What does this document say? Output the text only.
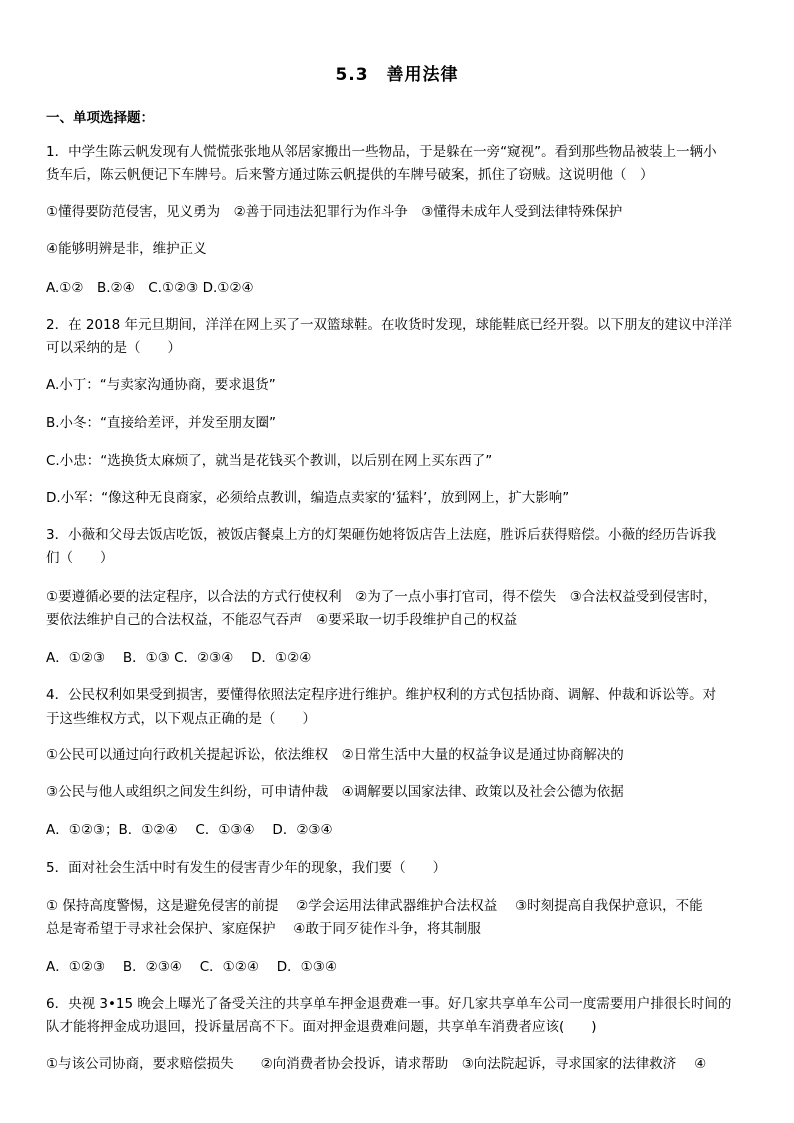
5.3　善用法律
一、单项选择题：
1．中学生陈云帆发现有人慌慌张张地从邻居家搬出一些物品，于是躲在一旁“窥视”。看到那些物品被装上一辆小
货车后，陈云帆便记下车牌号。后来警方通过陈云帆提供的车牌号破案，抓住了窃贼。这说明他（　）
①懂得要防范侵害，见义勇为　②善于同违法犯罪行为作斗争　③懂得未成年人受到法律特殊保护
④能够明辨是非，维护正义
A.①②　B.②④　C.①②③ D.①②④
2．在 2018 年元旦期间，洋洋在网上买了一双篮球鞋。在收货时发现，球能鞋底已经开裂。以下朋友的建议中洋洋
可以采纳的是（　　）
A.小丁：“与卖家沟通协商，要求退货”
B.小冬：“直接给差评，并发至朋友圈”
C.小忠：“选换货太麻烦了，就当是花钱买个教训，以后别在网上买东西了”
D.小军：“像这种无良商家，必须给点教训，编造点卖家的‘猛料’，放到网上，扩大影响”
3．小薇和父母去饭店吃饭，被饭店餐桌上方的灯架砸伤她将饭店告上法庭，胜诉后获得赔偿。小薇的经历告诉我
们（　　）
①要遵循必要的法定程序，以合法的方式行使权利　②为了一点小事打官司，得不偿失　③合法权益受到侵害时，
要依法维护自己的合法权益，不能忍气吞声　④要采取一切手段维护自己的权益
A．①②③　 B．①③ C．②③④　 D．①②④
4．公民权利如果受到损害，要懂得依照法定程序进行维护。维护权利的方式包括协商、调解、仲裁和诉讼等。对
于这些维权方式，以下观点正确的是（　　）
①公民可以通过向行政机关提起诉讼，依法维权　②日常生活中大量的权益争议是通过协商解决的
③公民与他人或组织之间发生纠纷，可申请仲裁　④调解要以国家法律、政策以及社会公德为依据
A．①②③；B．①②④　 C．①③④　 D．②③④
5．面对社会生活中时有发生的侵害青少年的现象，我们要（　　）
① 保持高度警惕，这是避免侵害的前提　 ②学会运用法律武器维护合法权益　 ③时刻提高自我保护意识，不能
总是寄希望于寻求社会保护、家庭保护　 ④敢于同歹徒作斗争，将其制服
A．①②③　 B．②③④　 C．①②④　 D．①③④
6．央视 3•15 晚会上曝光了备受关注的共享单车押金退费难一事。好几家共享单车公司一度需要用户排很长时间的
队才能将押金成功退回，投诉量居高不下。面对押金退费难问题，共享单车消费者应该(　　)
①与该公司协商，要求赔偿损失　　②向消费者协会投诉，请求帮助　③向法院起诉，寻求国家的法律救济　 ④
